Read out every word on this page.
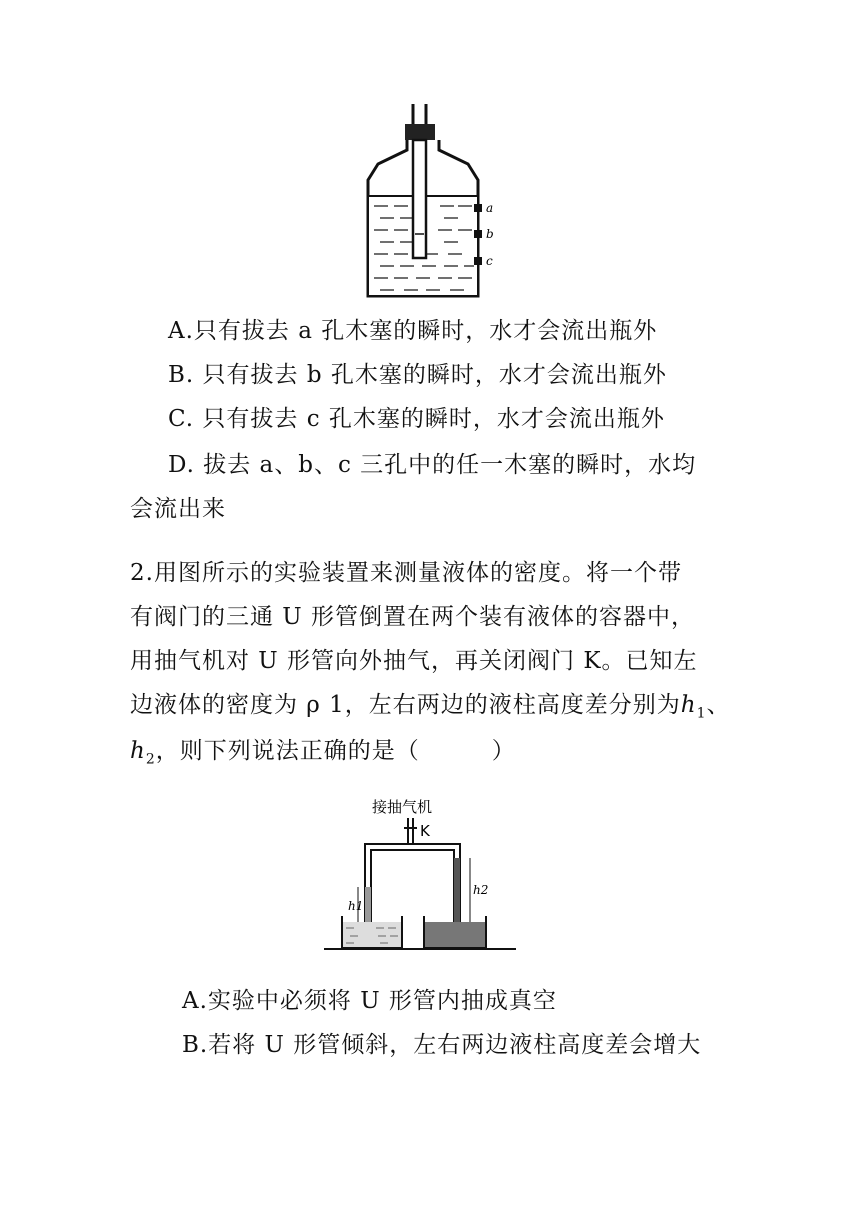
a
b
c
A.只有拔去 a 孔木塞的瞬时，水才会流出瓶外
B. 只有拔去 b 孔木塞的瞬时，水才会流出瓶外
C. 只有拔去 c 孔木塞的瞬时，水才会流出瓶外
D. 拔去 a、b、c 三孔中的任一木塞的瞬时，水均
会流出来
2.用图所示的实验装置来测量液体的密度。将一个带
有阀门的三通 U 形管倒置在两个装有液体的容器中，
用抽气机对 U 形管向外抽气，再关闭阀门 K。已知左
边液体的密度为 ρ 1，左右两边的液柱高度差分别为$h_1$、
$h_2$，则下列说法正确的是（　　　）
接抽气机
K
h1
h2
A.实验中必须将 U 形管内抽成真空
B.若将 U 形管倾斜，左右两边液柱高度差会增大
